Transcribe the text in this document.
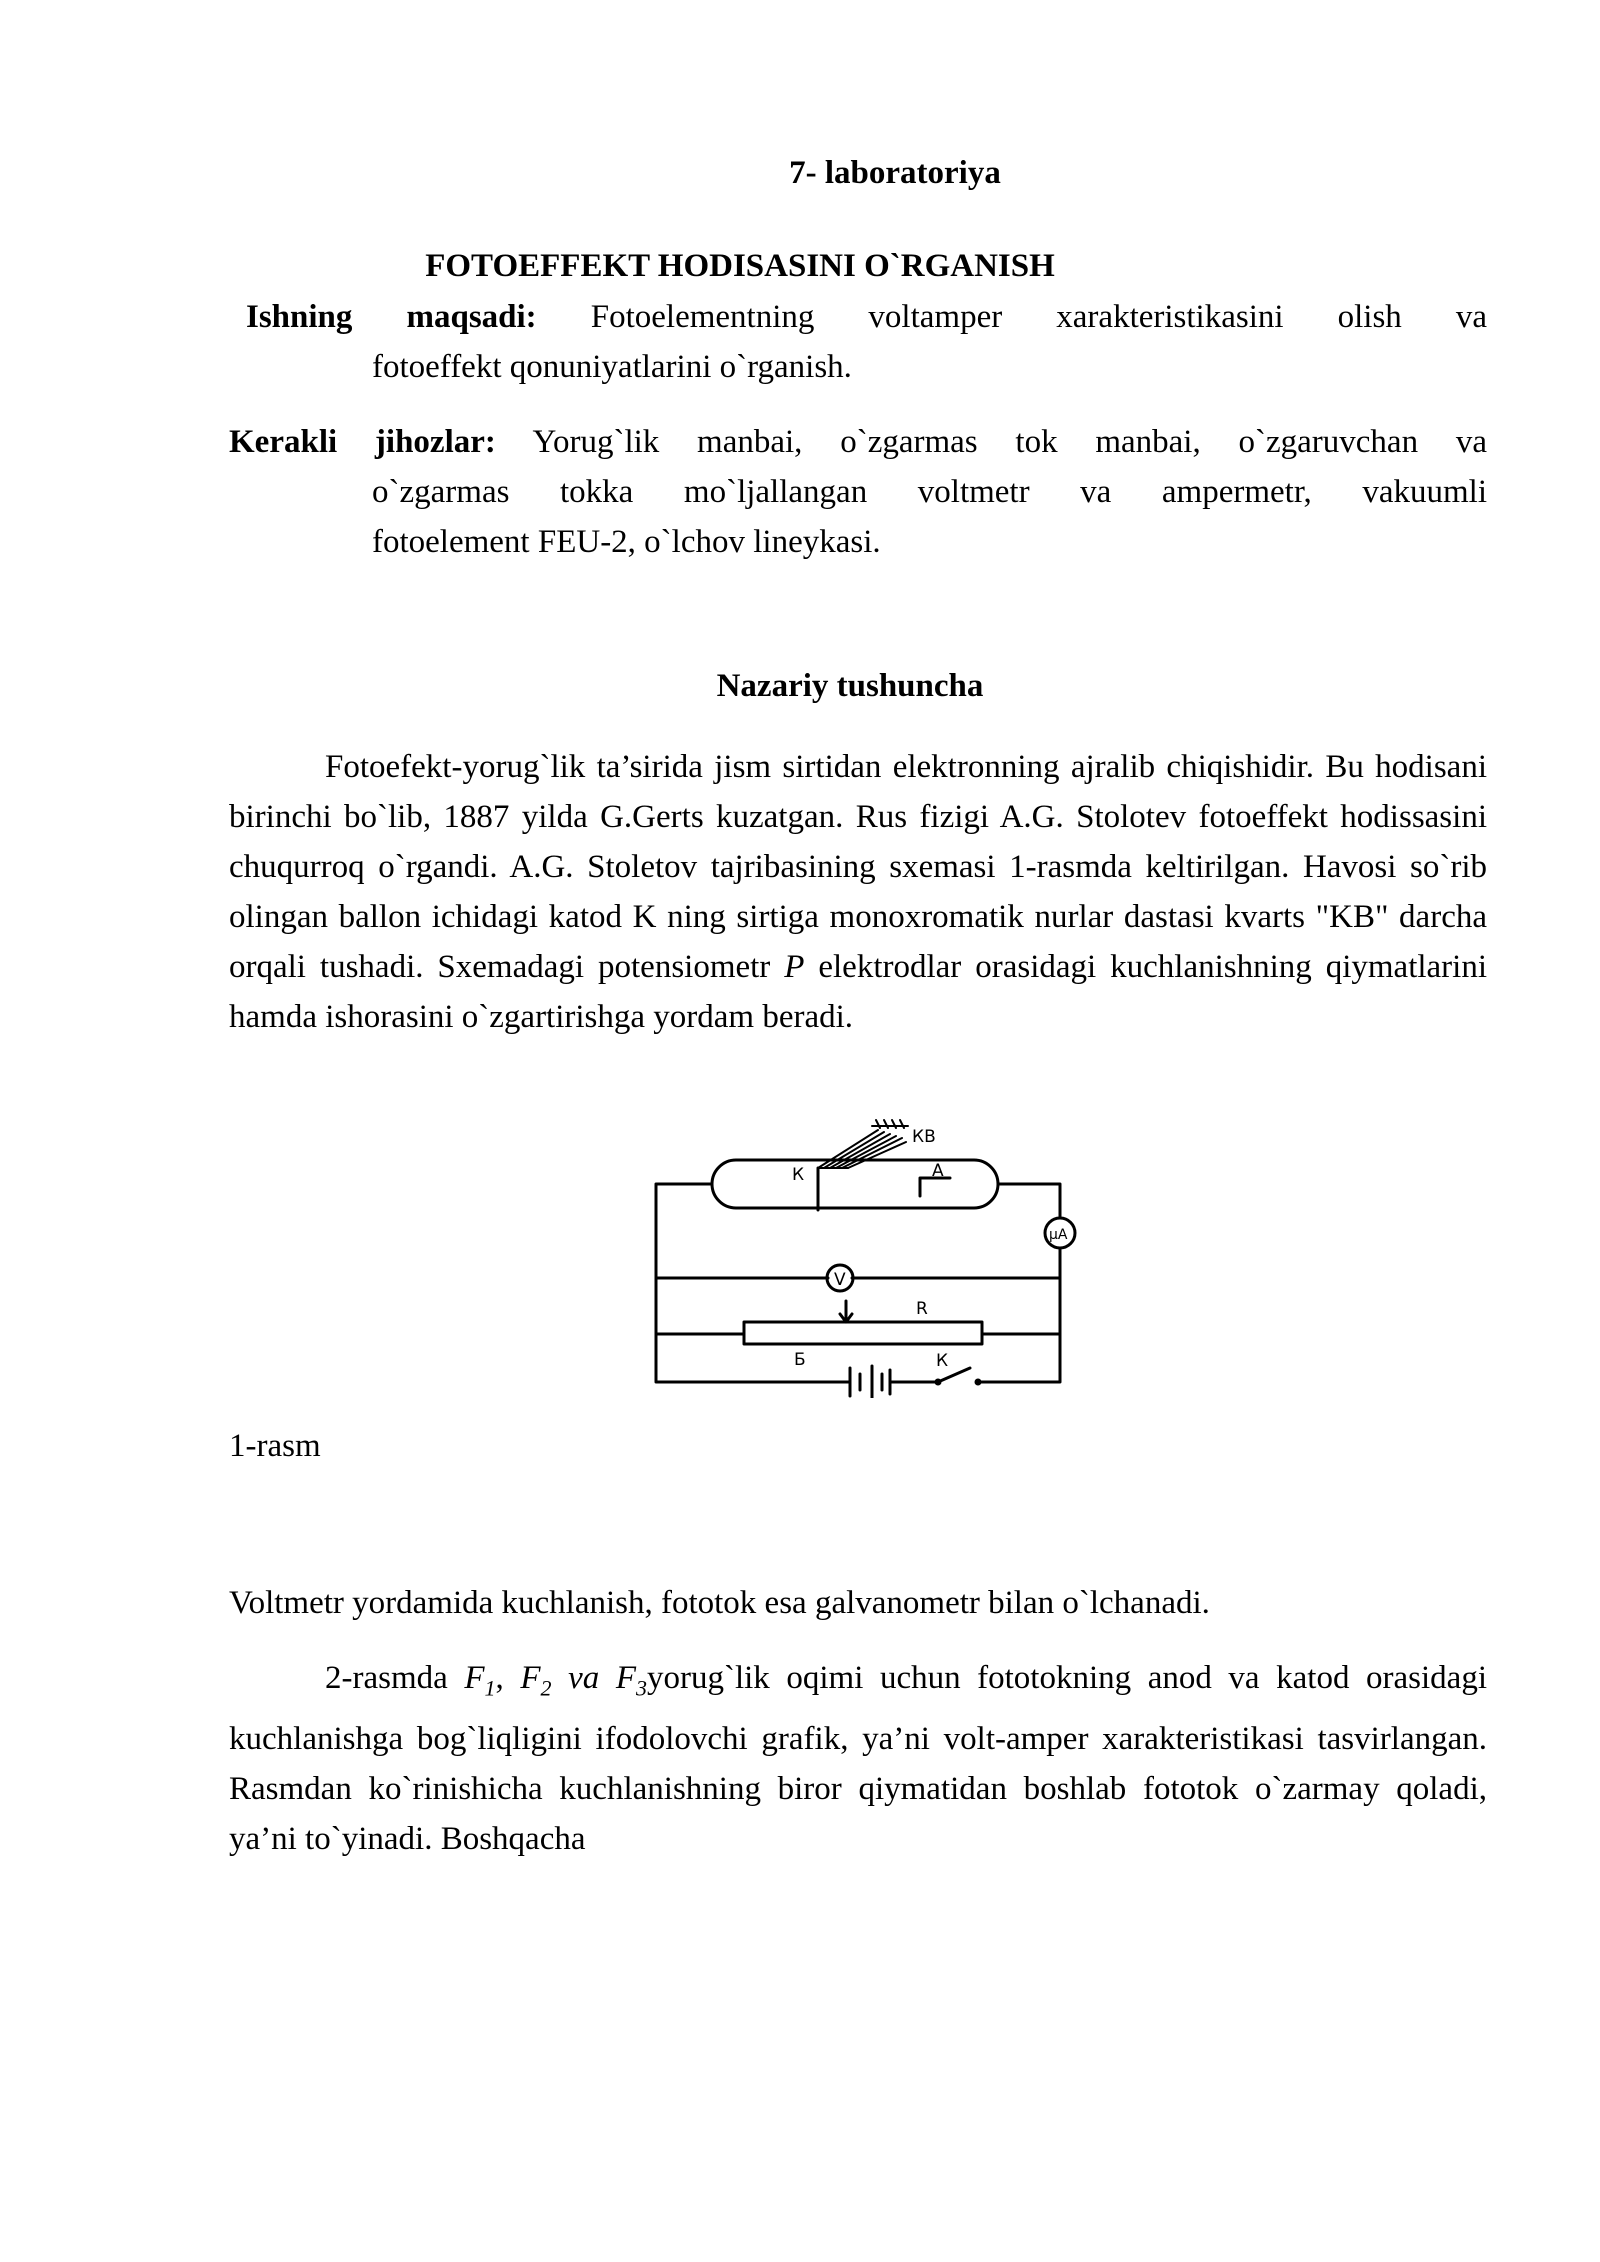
7- laboratoriya
FOTOEFFEKT HODISASINI O`RGANISH
Ishning maqsadi: Fotoelementning voltamper xarakteristikasini olish va
fotoeffekt qonuniyatlarini o`rganish.
Kerakli jihozlar: Yorug`lik manbai, o`zgarmas tok manbai, o`zgaruvchan va
o`zgarmas tokka mo`ljallangan voltmetr va ampermetr, vakuumli
fotoelement FEU-2, o`lchov lineykasi.
Nazariy tushuncha

Fotoefekt-yorug`lik ta’sirida jism sirtidan elektronning ajralib chiqishidir. Bu hodisani birinchi bo`lib, 1887 yilda G.Gerts kuzatgan. Rus fizigi A.G. Stolotev fotoeffekt hodissasini chuqurroq o`rgandi. A.G. Stoletov tajribasining sxemasi 1-rasmda keltirilgan. Havosi so`rib olingan ballon ichidagi katod K ning sirtiga monoxromatik nurlar dastasi kvarts "KB" darcha orqali tushadi. Sxemadagi potensiometr P elektrodlar orasidagi kuchlanishning qiymatlarini hamda ishorasini o`zgartirishga yordam beradi.

КВ
К	А
μA
V
R
Б	К
1-rasm
Voltmetr yordamida kuchlanish, fototok esa galvanometr bilan o`lchanadi.

2-rasmda $F_1$, $F_2$ va $F_3yorug`lik$ oqimi uchun fototokning anod va katod orasidagi kuchlanishga bog`liqligini ifodolovchi grafik, ya’ni volt-amper xarakteristikasi tasvirlangan. Rasmdan ko`rinishicha kuchlanishning biror qiymatidan boshlab fototok o`zarmay qoladi, ya’ni to`yinadi. Boshqacha
